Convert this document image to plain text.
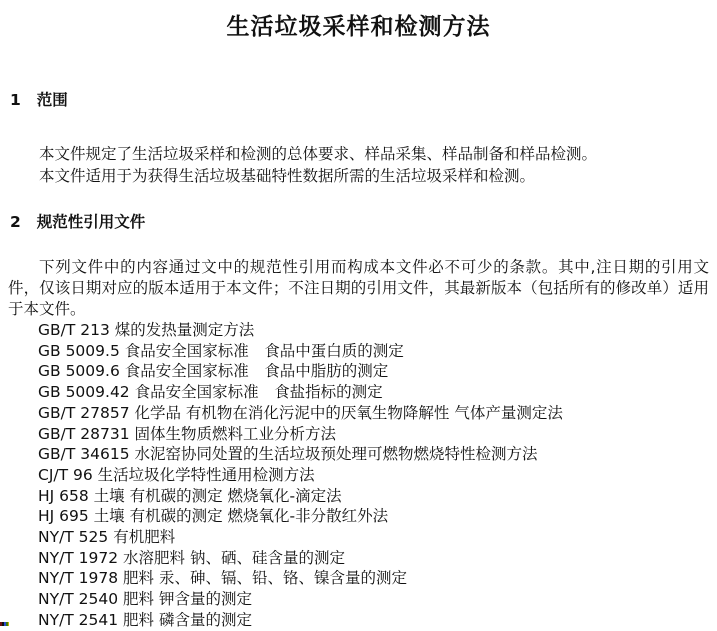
生活垃圾采样和检测方法
1 范围
本文件规定了生活垃圾采样和检测的总体要求、样品采集、样品制备和样品检测。
本文件适用于为获得生活垃圾基础特性数据所需的生活垃圾采样和检测。
2 规范性引用文件
下列文件中的内容通过文中的规范性引用而构成本文件必不可少的条款。其中,注日期的引用文件，仅该日期对应的版本适用于本文件；不注日期的引用文件，其最新版本（包括所有的修改单）适用于本文件。
GB/T 213 煤的发热量测定方法
GB 5009.5 食品安全国家标准　食品中蛋白质的测定
GB 5009.6 食品安全国家标准　食品中脂肪的测定
GB 5009.42 食品安全国家标准　食盐指标的测定
GB/T 27857 化学品 有机物在消化污泥中的厌氧生物降解性 气体产量测定法
GB/T 28731 固体生物质燃料工业分析方法
GB/T 34615 水泥窑协同处置的生活垃圾预处理可燃物燃烧特性检测方法
CJ/T 96 生活垃圾化学特性通用检测方法
HJ 658 土壤 有机碳的测定 燃烧氧化-滴定法
HJ 695 土壤 有机碳的测定 燃烧氧化-非分散红外法
NY/T 525 有机肥料
NY/T 1972 水溶肥料 钠、硒、硅含量的测定
NY/T 1978 肥料 汞、砷、镉、铅、铬、镍含量的测定
NY/T 2540 肥料 钾含量的测定
NY/T 2541 肥料 磷含量的测定
